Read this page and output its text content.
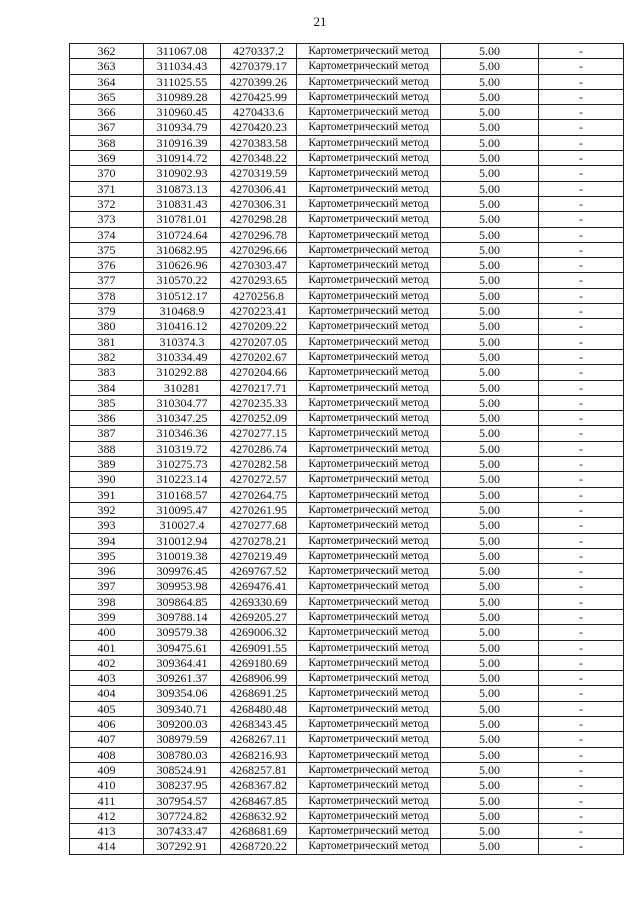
21
362	311067.08	4270337.2	Картометрический метод	5.00	-
363	311034.43	4270379.17	Картометрический метод	5.00	-
364	311025.55	4270399.26	Картометрический метод	5.00	-
365	310989.28	4270425.99	Картометрический метод	5.00	-
366	310960.45	4270433.6	Картометрический метод	5.00	-
367	310934.79	4270420.23	Картометрический метод	5.00	-
368	310916.39	4270383.58	Картометрический метод	5.00	-
369	310914.72	4270348.22	Картометрический метод	5.00	-
370	310902.93	4270319.59	Картометрический метод	5.00	-
371	310873.13	4270306.41	Картометрический метод	5.00	-
372	310831.43	4270306.31	Картометрический метод	5.00	-
373	310781.01	4270298.28	Картометрический метод	5.00	-
374	310724.64	4270296.78	Картометрический метод	5.00	-
375	310682.95	4270296.66	Картометрический метод	5.00	-
376	310626.96	4270303.47	Картометрический метод	5.00	-
377	310570.22	4270293.65	Картометрический метод	5.00	-
378	310512.17	4270256.8	Картометрический метод	5.00	-
379	310468.9	4270223.41	Картометрический метод	5.00	-
380	310416.12	4270209.22	Картометрический метод	5.00	-
381	310374.3	4270207.05	Картометрический метод	5.00	-
382	310334.49	4270202.67	Картометрический метод	5.00	-
383	310292.88	4270204.66	Картометрический метод	5.00	-
384	310281	4270217.71	Картометрический метод	5.00	-
385	310304.77	4270235.33	Картометрический метод	5.00	-
386	310347.25	4270252.09	Картометрический метод	5.00	-
387	310346.36	4270277.15	Картометрический метод	5.00	-
388	310319.72	4270286.74	Картометрический метод	5.00	-
389	310275.73	4270282.58	Картометрический метод	5.00	-
390	310223.14	4270272.57	Картометрический метод	5.00	-
391	310168.57	4270264.75	Картометрический метод	5.00	-
392	310095.47	4270261.95	Картометрический метод	5.00	-
393	310027.4	4270277.68	Картометрический метод	5.00	-
394	310012.94	4270278.21	Картометрический метод	5.00	-
395	310019.38	4270219.49	Картометрический метод	5.00	-
396	309976.45	4269767.52	Картометрический метод	5.00	-
397	309953.98	4269476.41	Картометрический метод	5.00	-
398	309864.85	4269330.69	Картометрический метод	5.00	-
399	309788.14	4269205.27	Картометрический метод	5.00	-
400	309579.38	4269006.32	Картометрический метод	5.00	-
401	309475.61	4269091.55	Картометрический метод	5.00	-
402	309364.41	4269180.69	Картометрический метод	5.00	-
403	309261.37	4268906.99	Картометрический метод	5.00	-
404	309354.06	4268691.25	Картометрический метод	5.00	-
405	309340.71	4268480.48	Картометрический метод	5.00	-
406	309200.03	4268343.45	Картометрический метод	5.00	-
407	308979.59	4268267.11	Картометрический метод	5.00	-
408	308780.03	4268216.93	Картометрический метод	5.00	-
409	308524.91	4268257.81	Картометрический метод	5.00	-
410	308237.95	4268367.82	Картометрический метод	5.00	-
411	307954.57	4268467.85	Картометрический метод	5.00	-
412	307724.82	4268632.92	Картометрический метод	5.00	-
413	307433.47	4268681.69	Картометрический метод	5.00	-
414	307292.91	4268720.22	Картометрический метод	5.00	-
